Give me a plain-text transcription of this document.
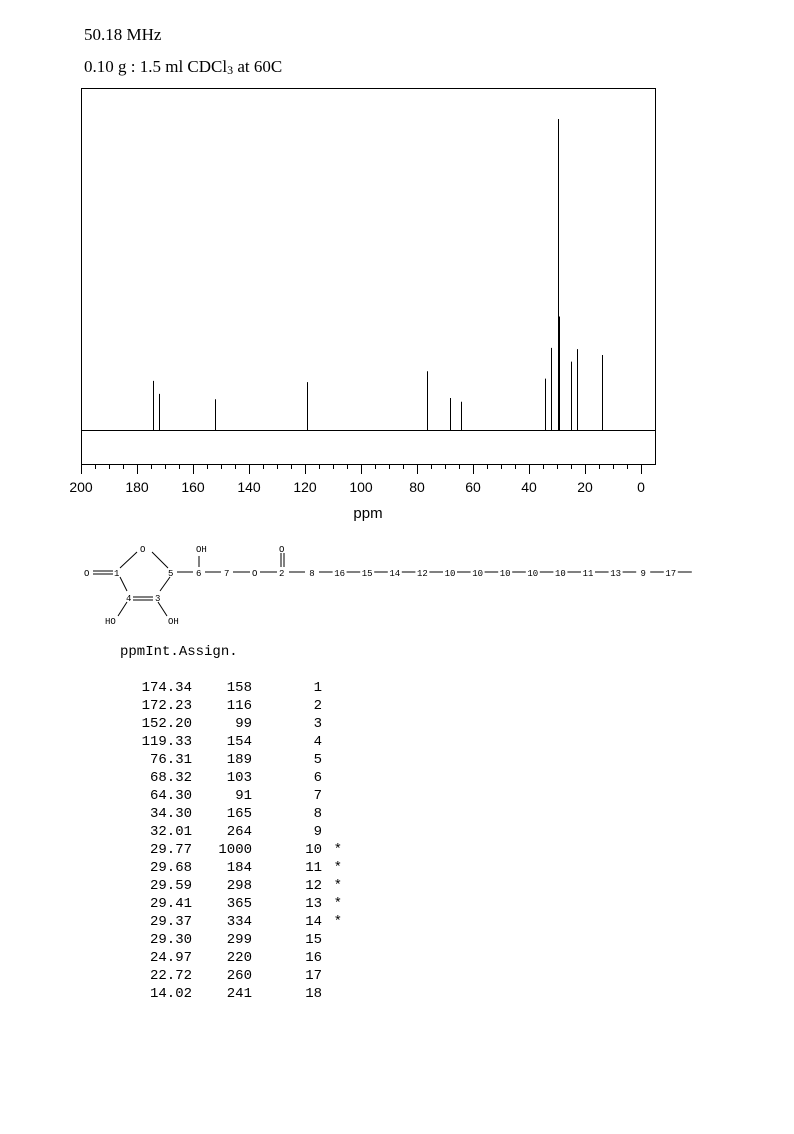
50.18 MHz
0.10 g : 1.5 ml CDCl$_3$ at 60C
200 180 160 140 120 100	80	60	40	20	0
ppm
O	1
O
5
4	3
HO	OH
OH
6	7	O 2
O
8 16 15 14 12 10 10 10 10 10 11 13 9 17
ppmInt.Assign.
174.34 158	1
172.23 116	2
152.20	99	3
119.33 154	4
76.31 189	5
68.32 103	6
64.30	91	7
34.30 165	8
32.01 264	9
29.77 1000	10 *
29.68 184	11 *
29.59 298	12 *
29.41 365	13 *
29.37 334	14 *
29.30 299	15
24.97 220	16
22.72 260	17
14.02 241	18
